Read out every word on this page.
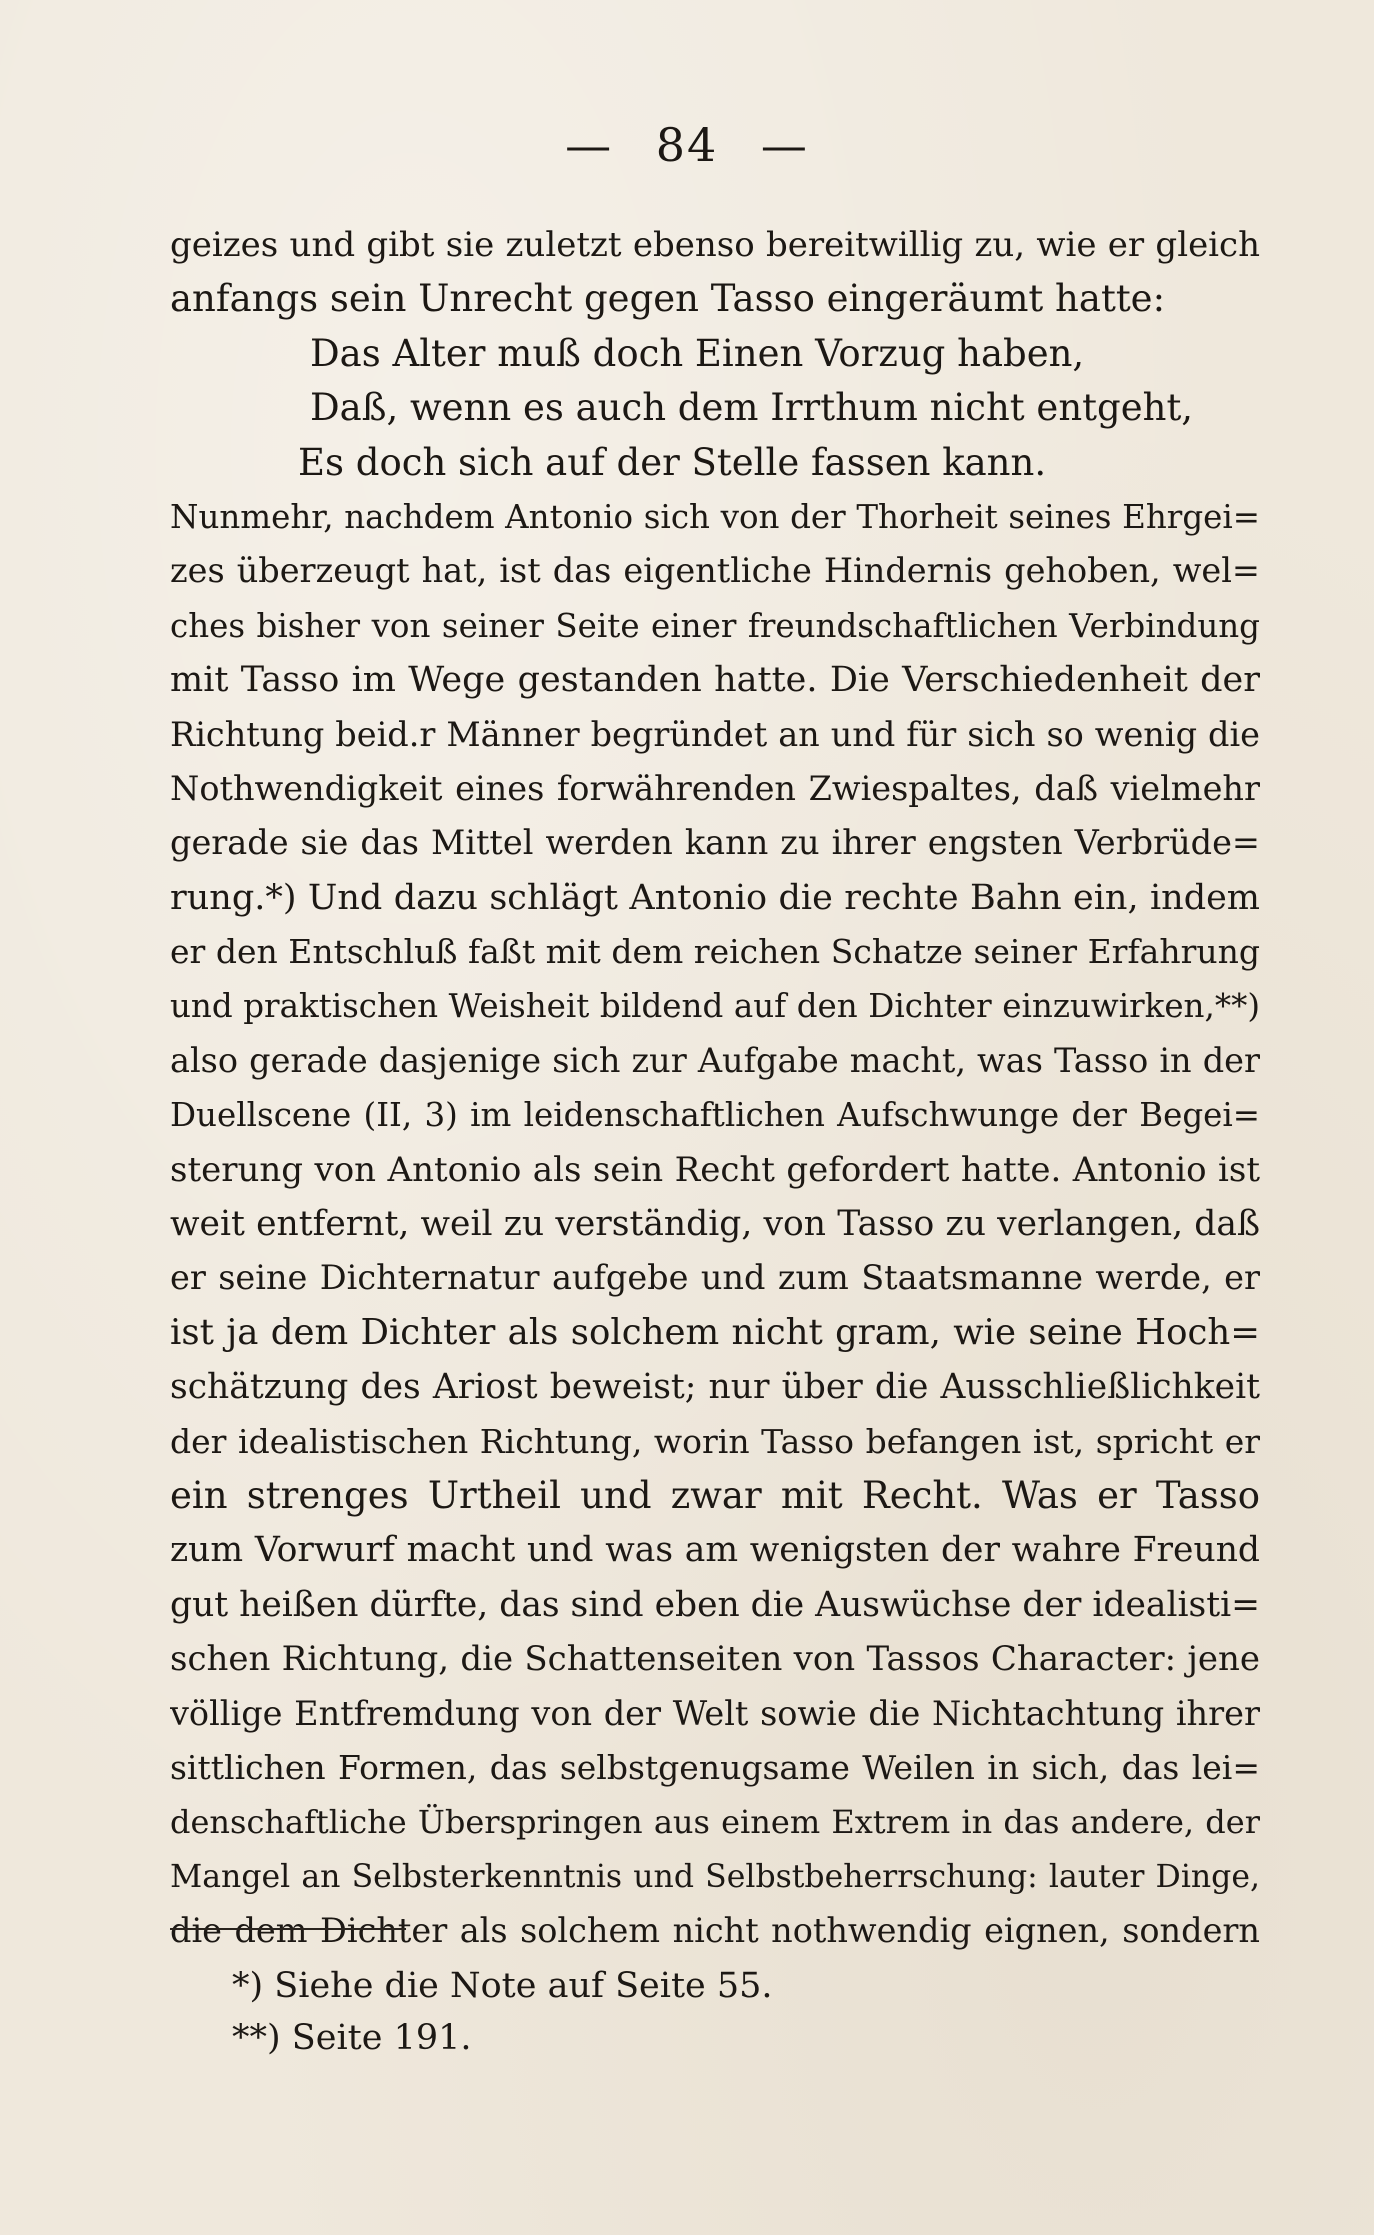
— 84 —
geizes und gibt sie zuletzt ebenso bereitwillig zu, wie er gleich
anfangs sein Unrecht gegen Tasso eingeräumt hatte:
Das Alter muß doch Einen Vorzug haben,
Daß, wenn es auch dem Irrthum nicht entgeht,
Es doch sich auf der Stelle fassen kann.
Nunmehr, nachdem Antonio sich von der Thorheit seines Ehrgei=
zes überzeugt hat, ist das eigentliche Hindernis gehoben, wel=
ches bisher von seiner Seite einer freundschaftlichen Verbindung
mit Tasso im Wege gestanden hatte. Die Verschiedenheit der
Richtung beid.r Männer begründet an und für sich so wenig die
Nothwendigkeit eines forwährenden Zwiespaltes, daß vielmehr
gerade sie das Mittel werden kann zu ihrer engsten Verbrüde=
rung.*) Und dazu schlägt Antonio die rechte Bahn ein, indem
er den Entschluß faßt mit dem reichen Schatze seiner Erfahrung
und praktischen Weisheit bildend auf den Dichter einzuwirken,**)
also gerade dasjenige sich zur Aufgabe macht, was Tasso in der
Duellscene (II, 3) im leidenschaftlichen Aufschwunge der Begei=
sterung von Antonio als sein Recht gefordert hatte. Antonio ist
weit entfernt, weil zu verständig, von Tasso zu verlangen, daß
er seine Dichternatur aufgebe und zum Staatsmanne werde, er
ist ja dem Dichter als solchem nicht gram, wie seine Hoch=
schätzung des Ariost beweist; nur über die Ausschließlichkeit
der idealistischen Richtung, worin Tasso befangen ist, spricht er
ein strenges Urtheil und zwar mit Recht. Was er Tasso
zum Vorwurf macht und was am wenigsten der wahre Freund
gut heißen dürfte, das sind eben die Auswüchse der idealisti=
schen Richtung, die Schattenseiten von Tassos Character: jene
völlige Entfremdung von der Welt sowie die Nichtachtung ihrer
sittlichen Formen, das selbstgenugsame Weilen in sich, das lei=
denschaftliche Überspringen aus einem Extrem in das andere, der
Mangel an Selbsterkenntnis und Selbstbeherrschung: lauter Dinge,
die dem Dichter als solchem nicht nothwendig eignen, sondern
*) Siehe die Note auf Seite 55.
**) Seite 191.
